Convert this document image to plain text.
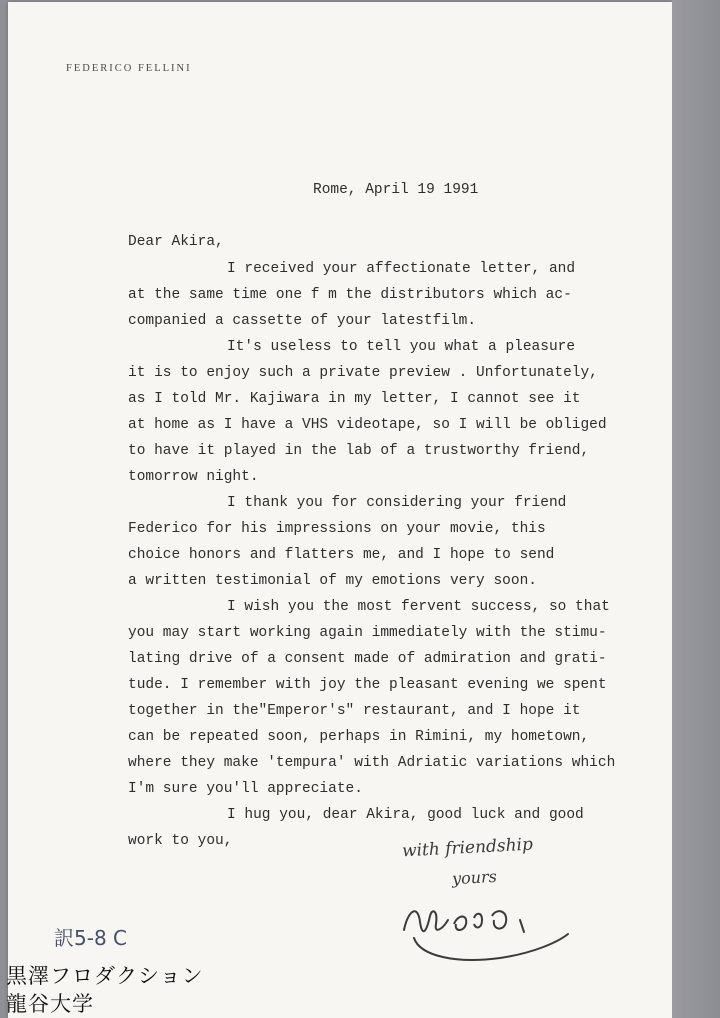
FEDERICO FELLINI
Rome, April 19 1991
Dear Akira,
I received your affectionate letter, and
at the same time one f m the distributors which ac-
companied a cassette of your latestfilm.
It's useless to tell you what a pleasure
it is to enjoy such a private preview . Unfortunately,
as I told Mr. Kajiwara in my letter, I cannot see it
at home as I have a VHS videotape, so I will be obliged
to have it played in the lab of a trustworthy friend,
tomorrow night.
I thank you for considering your friend
Federico for his impressions on your movie, this
choice honors and flatters me, and I hope to send
a written testimonial of my emotions very soon.
I wish you the most fervent success, so that
you may start working again immediately with the stimu-
lating drive of a consent made of admiration and grati-
tude. I remember with joy the pleasant evening we spent
together in the"Emperor's" restaurant, and I hope it
can be repeated soon, perhaps in Rimini, my hometown,
where they make 'tempura' with Adriatic variations which
I'm sure you'll appreciate.
I hug you, dear Akira, good luck and good
work to you,	with friendship
yours
訳5-8 C
黒澤フロダクション
龍谷大学
